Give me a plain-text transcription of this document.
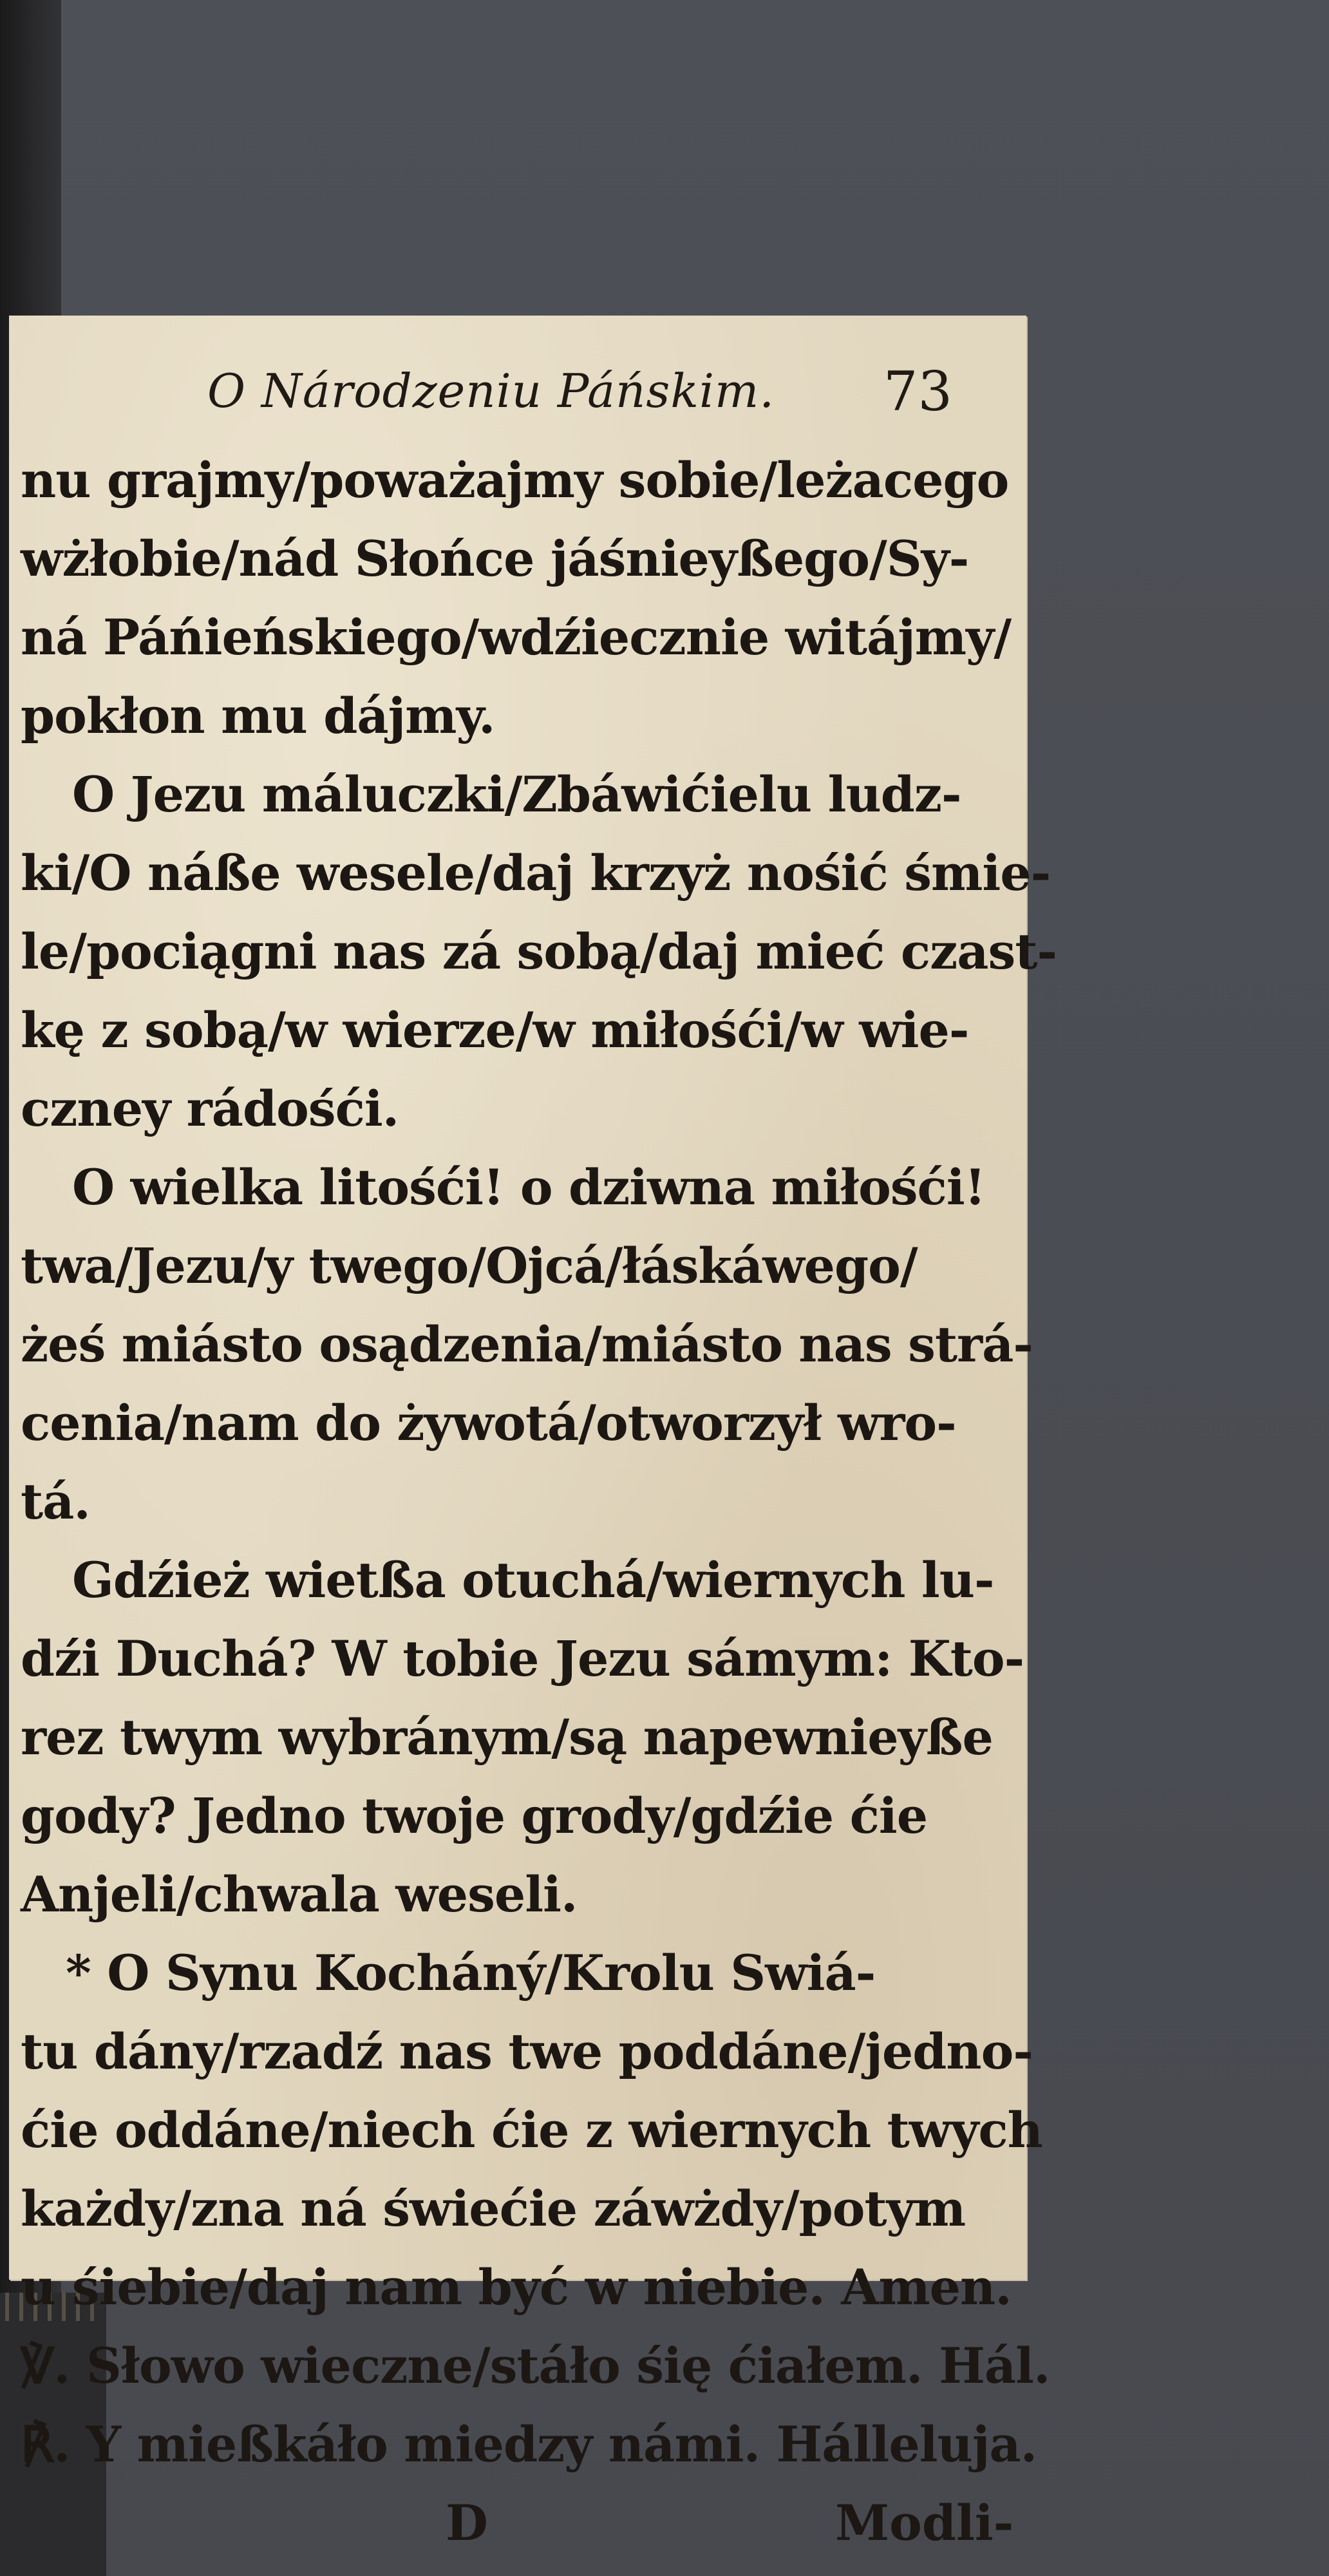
O Národzeniu Páńskim. 73
nu grajmy/poważajmy sobie/leżacego
wżłobie/nád Słońce jáśnieyßego/Sy-
ná Páńieńskiego/wdźiecznie witájmy/
pokłon mu dájmy.
O Jezu máluczki/Zbáwićielu ludz-
ki/O náße wesele/daj krzyż nośić śmie-
le/pociągni nas zá sobą/daj mieć czast-
kę z sobą/w wierze/w miłośći/w wie-
czney rádośći.
O wielka litośći! o dziwna miłośći!
twa/Jezu/y twego/Ojcá/łáskáwego/
żeś miásto osądzenia/miásto nas strá-
cenia/nam do żywotá/otworzył wro-
tá.
Gdźież wietßa otuchá/wiernych lu-
dźi Duchá? W tobie Jezu sámym: Kto-
rez twym wybránym/są napewnieyße
gody? Jedno twoje grody/gdźie ćie
Anjeli/chwala weseli.
* O Synu Kocháný/Krolu Swiá-
tu dány/rzadź nas twe poddáne/jedno-
ćie oddáne/niech ćie z wiernych twych
każdy/zna ná świećie záwżdy/potym
u śiebie/daj nam być w niebie. Amen.
℣. Słowo wieczne/stáło śię ćiałem. Hál.
℟. Y mießkáło miedzy námi. Hálleluja.
D	Modli-
